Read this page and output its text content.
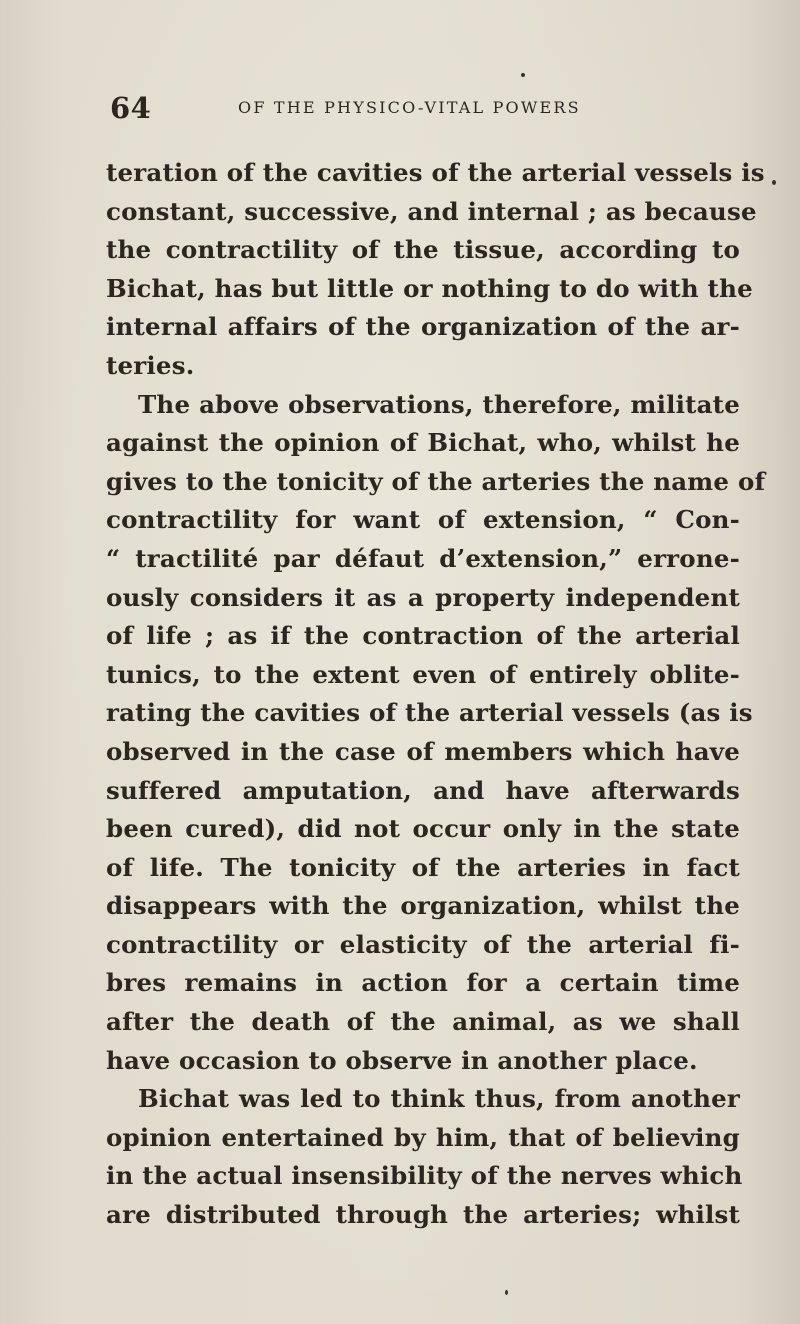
64	OF THE PHYSICO-VITAL POWERS
teration of the cavities of the arterial vessels is
constant, successive, and internal ; as because
the contractility of the tissue, according to
Bichat, has but little or nothing to do with the
internal affairs of the organization of the ar-
teries.
The above observations, therefore, militate
against the opinion of Bichat, who, whilst he
gives to the tonicity of the arteries the name of
contractility for want of extension, “ Con-
“ tractilité par défaut d’extension,” errone-
ously considers it as a property independent
of life ; as if the contraction of the arterial
tunics, to the extent even of entirely oblite-
rating the cavities of the arterial vessels (as is
observed in the case of members which have
suffered amputation, and have afterwards
been cured), did not occur only in the state
of life. The tonicity of the arteries in fact
disappears with the organization, whilst the
contractility or elasticity of the arterial fi-
bres remains in action for a certain time
after the death of the animal, as we shall
have occasion to observe in another place.
Bichat was led to think thus, from another
opinion entertained by him, that of believing
in the actual insensibility of the nerves which
are distributed through the arteries; whilst
